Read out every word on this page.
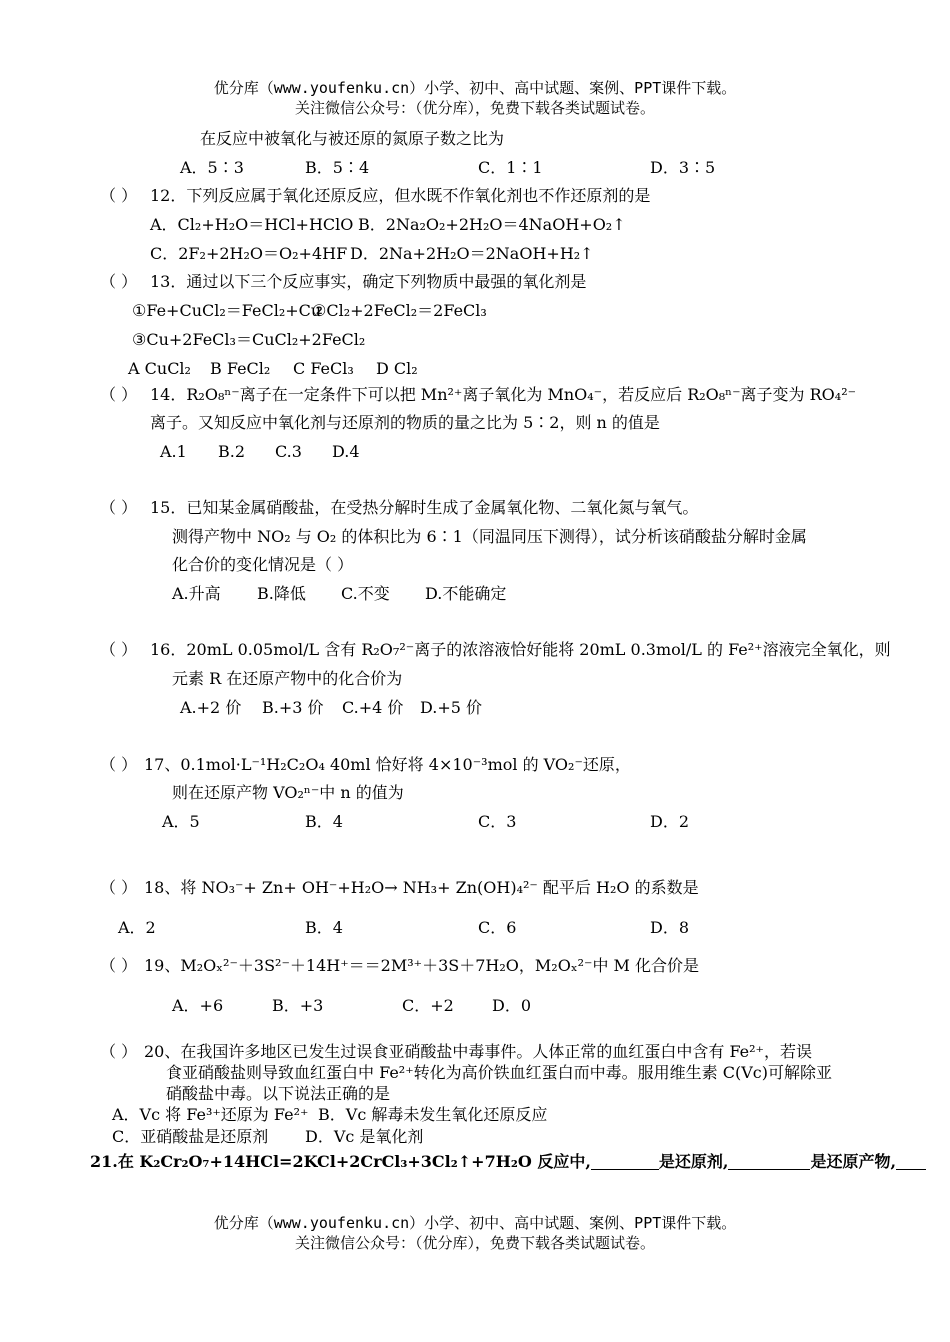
优分库（www.youfenku.cn）小学、初中、高中试题、案例、PPT课件下载。
关注微信公众号：（优分库），免费下载各类试题试卷。
在反应中被氧化与被还原的氮原子数之比为
A．5∶3	B．5∶4	C．1∶1	D．3∶5
（ ） 12．下列反应属于氧化还原反应，但水既不作氧化剂也不作还原剂的是
A．Cl₂+H₂O＝HCl+HClO B．2Na₂O₂+2H₂O＝4NaOH+O₂↑
C．2F₂+2H₂O＝O₂+4HF D．2Na+2H₂O＝2NaOH+H₂↑
（ ） 13．通过以下三个反应事实，确定下列物质中最强的氧化剂是
①Fe+CuCl₂＝FeCl₂+Cu
②Cl₂+2FeCl₂＝2FeCl₃
③Cu+2FeCl₃＝CuCl₂+2FeCl₂
A CuCl₂ B FeCl₂ C FeCl₃ D Cl₂
（ ） 14．R₂O₈ⁿ⁻离子在一定条件下可以把 Mn²⁺离子氧化为 MnO₄⁻，若反应后 R₂O₈ⁿ⁻离子变为 RO₄²⁻
离子。又知反应中氧化剂与还原剂的物质的量之比为 5∶2，则 n 的值是
A.1 B.2 C.3 D.4
（ ） 15．已知某金属硝酸盐，在受热分解时生成了金属氧化物、二氧化氮与氧气。
测得产物中 NO₂ 与 O₂ 的体积比为 6∶1（同温同压下测得），试分析该硝酸盐分解时金属
化合价的变化情况是（ ）
A.升高 B.降低 C.不变 D.不能确定
（ ） 16．20mL 0.05mol/L 含有 R₂O₇²⁻离子的浓溶液恰好能将 20mL 0.3mol/L 的 Fe²⁺溶液完全氧化，则
元素 R 在还原产物中的化合价为
A.+2 价 B.+3 价 C.+4 价 D.+5 价
（ ） 17、0.1mol·L⁻¹H₂C₂O₄ 40ml 恰好将 4×10⁻³mol 的 VO₂⁻还原，
则在还原产物 VO₂ⁿ⁻中 n 的值为
A．5	B．4	C．3	D．2
（ ） 18、将 NO₃⁻+ Zn+ OH⁻+H₂O→ NH₃+ Zn(OH)₄²⁻ 配平后 H₂O 的系数是
A．2	B．4	C．6	D．8
（ ） 19、M₂Oₓ²⁻＋3S²⁻＋14H⁺＝＝2M³⁺＋3S＋7H₂O，M₂Oₓ²⁻中 M 化合价是
A．+6	B．+3	C．+2 D．0
（ ） 20、在我国许多地区已发生过误食亚硝酸盐中毒事件。人体正常的血红蛋白中含有 Fe²⁺，若误
食亚硝酸盐则导致血红蛋白中 Fe²⁺转化为高价铁血红蛋白而中毒。服用维生素 C(Vc)可解除亚
硝酸盐中毒。以下说法正确的是
A．Vc 将 Fe³⁺还原为 Fe²⁺ B．Vc 解毒未发生氧化还原反应
C．亚硝酸盐是还原剂 D．Vc 是氧化剂
21.在 K₂Cr₂O₇+14HCl=2KCl+2CrCl₃+3Cl₂↑+7H₂O 反应中,	是还原剂,	是还原产物,
优分库（www.youfenku.cn）小学、初中、高中试题、案例、PPT课件下载。
关注微信公众号：（优分库），免费下载各类试题试卷。
